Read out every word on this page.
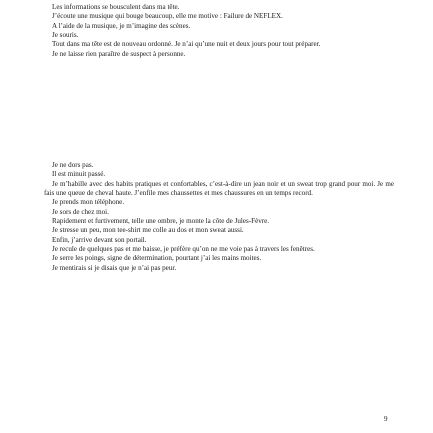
Les informations se bousculent dans ma tête.

J’écoute une musique qui bouge beaucoup, elle me motive : Failure de NEFLEX.

A l’aide de la musique, je m’imagine des scènes.

Je souris.

Tout dans ma tête est de nouveau ordonné. Je n’ai qu’une nuit et deux jours pour tout préparer.

Je ne laisse rien paraître de suspect à personne.

Je ne dors pas.

Il est minuit passé.

Je m’habille avec des habits pratiques et confortables, c’est-à-dire un jean noir et un sweat trop grand pour moi. Je me fais une queue de cheval haute. J’enfile mes chaussettes et mes chaussures en un temps record.

Je prends mon téléphone.

Je sors de chez moi.

Rapidement et furtivement, telle une ombre, je monte la côte de Jules-Fèvre.

Je stresse un peu, mon tee-shirt me colle au dos et mon sweat aussi.

Enfin, j’arrive devant son portail.

Je recule de quelques pas et me baisse, je préfère qu’on ne me voie pas à travers les fenêtres.

Je serre les poings, signe de détermination, pourtant j’ai les mains moites.

Je mentirais si je disais que je n’ai pas peur.

9
